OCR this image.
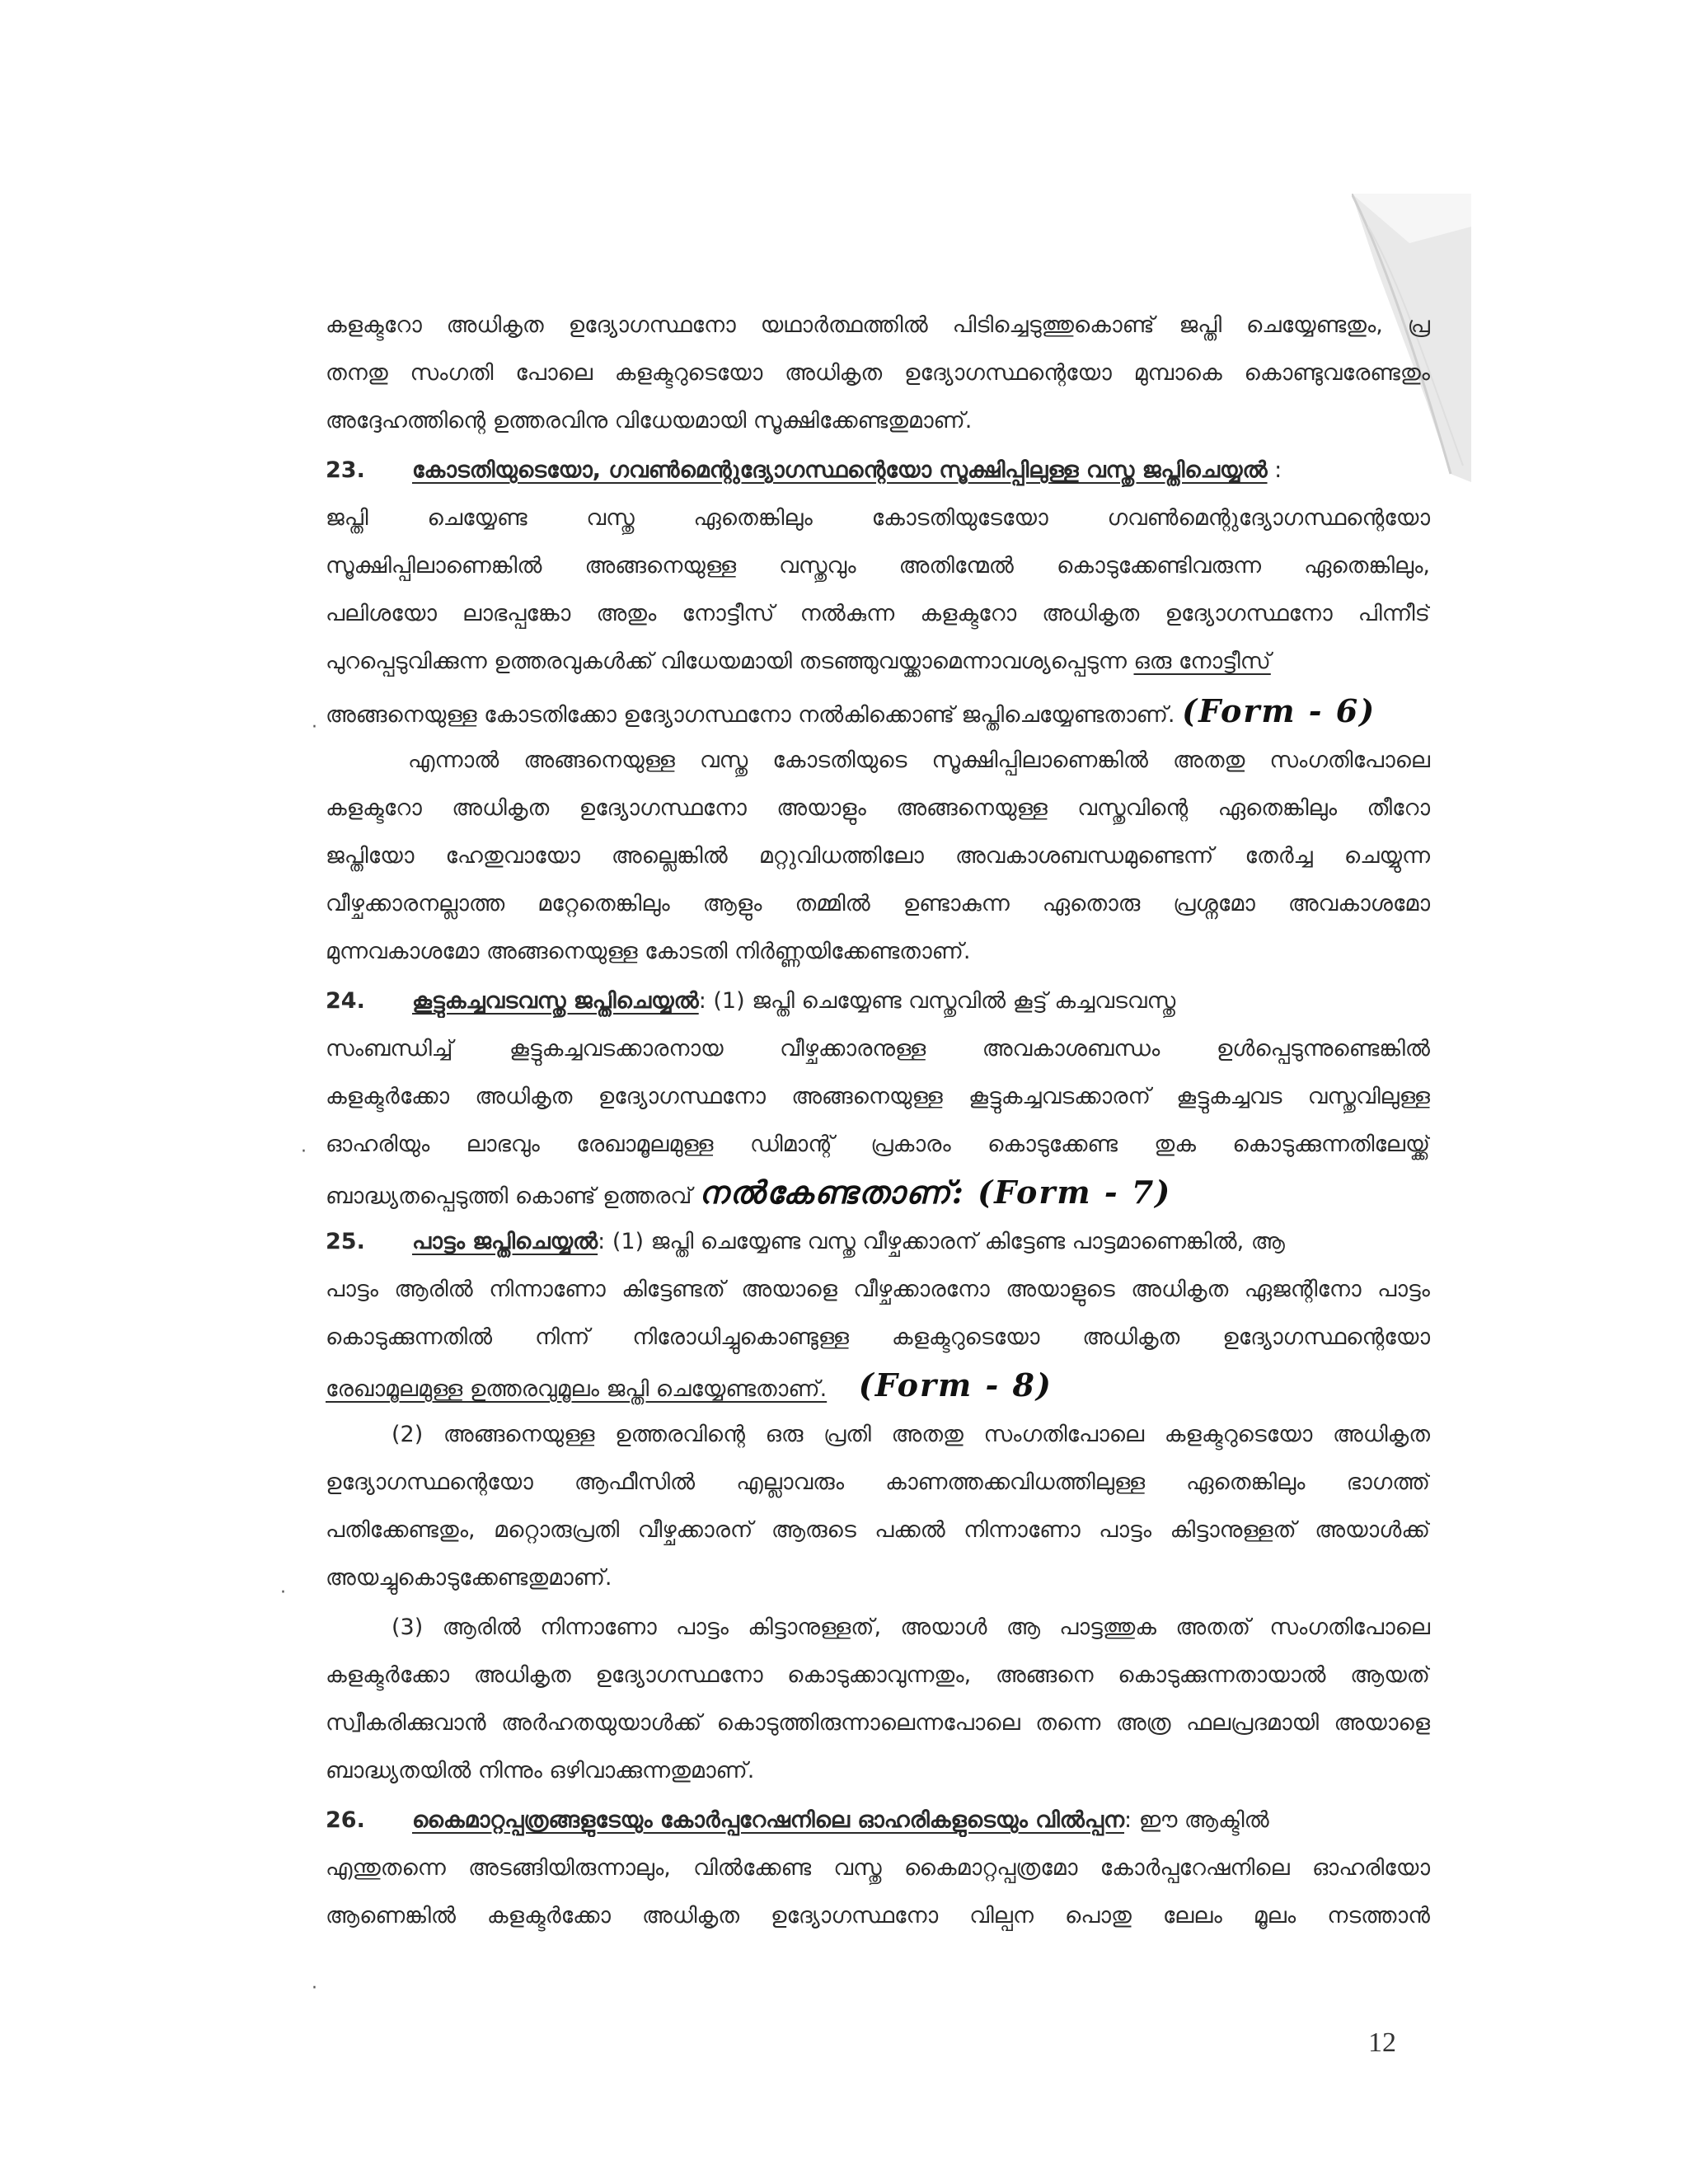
കളക്ടറോ അധികൃത ഉദ്യോഗസ്ഥനോ യഥാർത്ഥത്തിൽ പിടിച്ചെടുത്തുകൊണ്ട് ജപ്തി ചെയ്യേണ്ടതും, പ്ര
തനതു സംഗതി പോലെ കളക്ടറുടെയോ അധികൃത ഉദ്യോഗസ്ഥന്റെയോ മുമ്പാകെ കൊണ്ടുവരേണ്ടതും
അദ്ദേഹത്തിന്റെ ഉത്തരവിനു വിധേയമായി സൂക്ഷിക്കേണ്ടതുമാണ്.
23. കോടതിയുടെയോ, ഗവൺമെന്റുദ്യോഗസ്ഥന്റെയോ സൂക്ഷിപ്പിലുള്ള വസ്തു ജപ്തിചെയ്യൽ :
ജപ്തി ചെയ്യേണ്ട വസ്തു ഏതെങ്കിലും കോടതിയുടേയോ ഗവൺമെന്റുദ്യോഗസ്ഥന്റെയോ
സൂക്ഷിപ്പിലാണെങ്കിൽ അങ്ങനെയുള്ള വസ്തുവും അതിന്മേൽ കൊടുക്കേണ്ടിവരുന്ന ഏതെങ്കിലും,
പലിശയോ ലാഭപ്പങ്കോ അതും നോട്ടീസ് നൽകുന്ന കളക്ടറോ അധികൃത ഉദ്യോഗസ്ഥനോ പിന്നീട്
പുറപ്പെടുവിക്കുന്ന ഉത്തരവുകൾക്ക് വിധേയമായി തടഞ്ഞുവയ്ക്കാമെന്നാവശ്യപ്പെടുന്ന ഒരു നോട്ടീസ്
അങ്ങനെയുള്ള കോടതിക്കോ ഉദ്യോഗസ്ഥനോ നൽകിക്കൊണ്ട് ജപ്തിചെയ്യേണ്ടതാണ്. (Form - 6)
എന്നാൽ അങ്ങനെയുള്ള വസ്തു കോടതിയുടെ സൂക്ഷിപ്പിലാണെങ്കിൽ അതതു സംഗതിപോലെ
കളക്ടറോ അധികൃത ഉദ്യോഗസ്ഥനോ അയാളും അങ്ങനെയുള്ള വസ്തുവിന്റെ ഏതെങ്കിലും തീറോ
ജപ്തിയോ ഹേതുവായോ അല്ലെങ്കിൽ മറ്റുവിധത്തിലോ അവകാശബന്ധമുണ്ടെന്ന് തേർച്ച ചെയ്യുന്ന
വീഴ്ചക്കാരനല്ലാത്ത മറ്റേതെങ്കിലും ആളും തമ്മിൽ ഉണ്ടാകുന്ന ഏതൊരു പ്രശ്നമോ അവകാശമോ
മുന്നവകാശമോ അങ്ങനെയുള്ള കോടതി നിർണ്ണയിക്കേണ്ടതാണ്.
24. കൂട്ടുകച്ചവടവസ്തു ജപ്തിചെയ്യൽ: (1) ജപ്തി ചെയ്യേണ്ട വസ്തുവിൽ കൂട്ട് കച്ചവടവസ്തു
സംബന്ധിച്ച് കൂട്ടുകച്ചവടക്കാരനായ വീഴ്ചക്കാരനുള്ള അവകാശബന്ധം ഉൾപ്പെടുന്നുണ്ടെങ്കിൽ
കളക്ടർക്കോ അധികൃത ഉദ്യോഗസ്ഥനോ അങ്ങനെയുള്ള കൂട്ടുകച്ചവടക്കാരന് കൂട്ടുകച്ചവട വസ്തുവിലുള്ള
ഓഹരിയും ലാഭവും രേഖാമൂലമുള്ള ഡിമാന്റ് പ്രകാരം കൊടുക്കേണ്ട തുക കൊടുക്കുന്നതിലേയ്ക്ക്
ബാദ്ധ്യതപ്പെടുത്തി കൊണ്ട് ഉത്തരവ് നൽകേണ്ടതാണ്: (Form - 7)
25. പാട്ടം ജപ്തിചെയ്യൽ: (1) ജപ്തി ചെയ്യേണ്ട വസ്തു വീഴ്ചക്കാരന് കിട്ടേണ്ട പാട്ടമാണെങ്കിൽ, ആ
പാട്ടം ആരിൽ നിന്നാണോ കിട്ടേണ്ടത് അയാളെ വീഴ്ചക്കാരനോ അയാളുടെ അധികൃത ഏജന്റിനോ പാട്ടം
കൊടുക്കുന്നതിൽ നിന്ന് നിരോധിച്ചുകൊണ്ടുള്ള കളക്ടറുടെയോ അധികൃത ഉദ്യോഗസ്ഥന്റെയോ
രേഖാമൂലമുള്ള ഉത്തരവുമൂലം ജപ്തി ചെയ്യേണ്ടതാണ്. (Form - 8)
(2) അങ്ങനെയുള്ള ഉത്തരവിന്റെ ഒരു പ്രതി അതതു സംഗതിപോലെ കളക്ടറുടെയോ അധികൃത
ഉദ്യോഗസ്ഥന്റെയോ ആഫീസിൽ എല്ലാവരും കാണത്തക്കവിധത്തിലുള്ള ഏതെങ്കിലും ഭാഗത്ത്
പതിക്കേണ്ടതും, മറ്റൊരുപ്രതി വീഴ്ചക്കാരന് ആരുടെ പക്കൽ നിന്നാണോ പാട്ടം കിട്ടാനുള്ളത് അയാൾക്ക്
അയച്ചുകൊടുക്കേണ്ടതുമാണ്.
(3) ആരിൽ നിന്നാണോ പാട്ടം കിട്ടാനുള്ളത്, അയാൾ ആ പാട്ടത്തുക അതത് സംഗതിപോലെ
കളക്ടർക്കോ അധികൃത ഉദ്യോഗസ്ഥനോ കൊടുക്കാവുന്നതും, അങ്ങനെ കൊടുക്കുന്നതായാൽ ആയത്
സ്വീകരിക്കുവാൻ അർഹതയുയാൾക്ക് കൊടുത്തിരുന്നാലെന്നപോലെ തന്നെ അത്ര ഫലപ്രദമായി അയാളെ
ബാദ്ധ്യതയിൽ നിന്നും ഒഴിവാക്കുന്നതുമാണ്.
26. കൈമാറ്റപ്പത്രങ്ങളുടേയും കോർപ്പറേഷനിലെ ഓഹരികളുടെയും വിൽപ്പന: ഈ ആക്ടിൽ
എന്തുതന്നെ അടങ്ങിയിരുന്നാലും, വിൽക്കേണ്ട വസ്തു കൈമാറ്റപ്പത്രമോ കോർപ്പറേഷനിലെ ഓഹരിയോ
ആണെങ്കിൽ കളക്ടർക്കോ അധികൃത ഉദ്യോഗസ്ഥനോ വില്പന പൊതു ലേലം മൂലം നടത്താൻ
·
·
·
·
12
